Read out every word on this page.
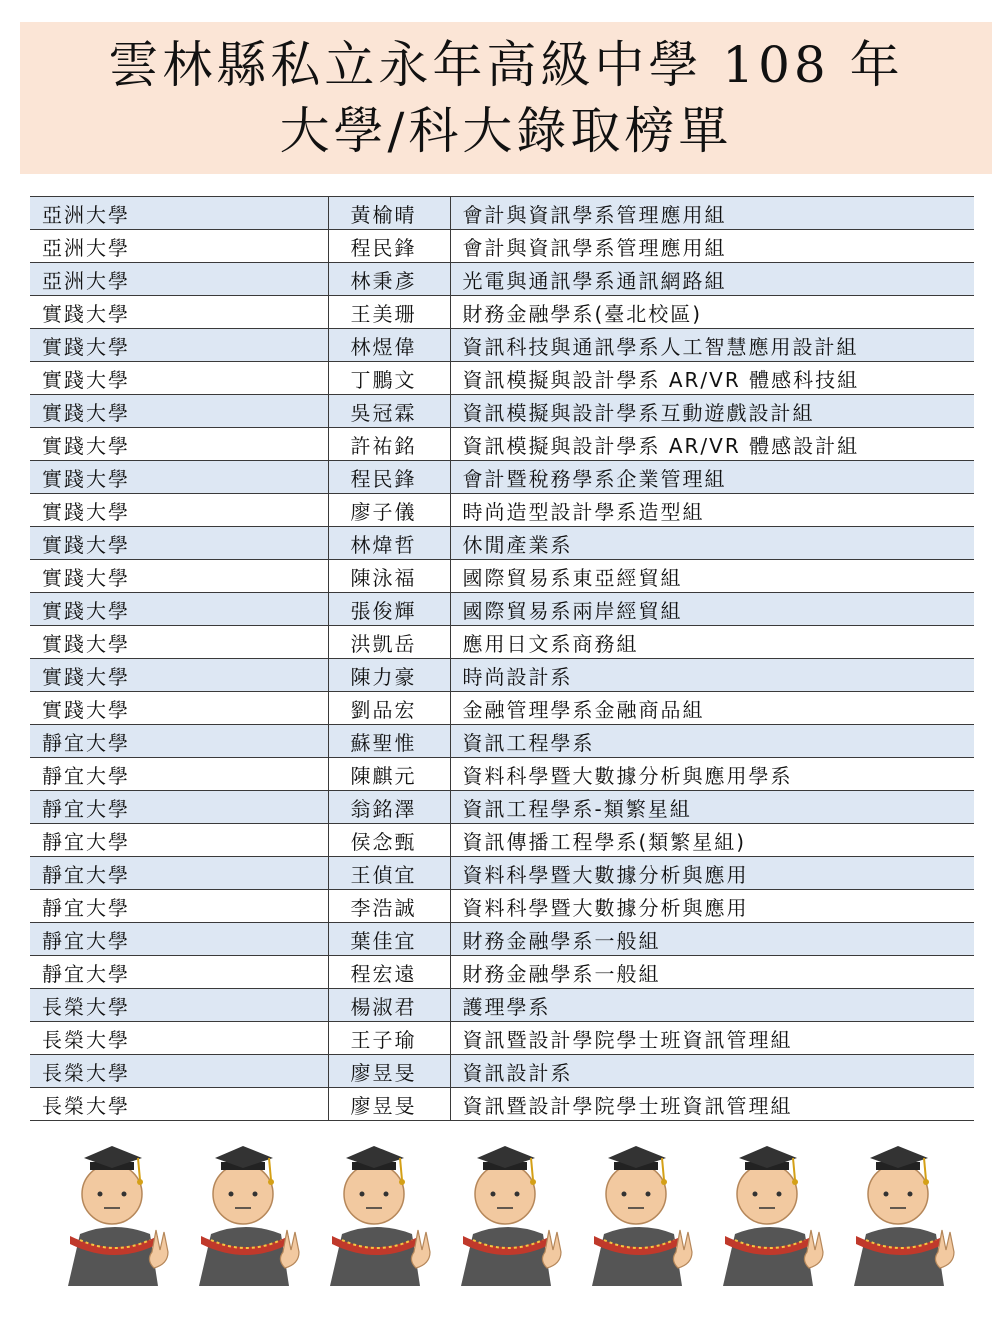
雲林縣私立永年高級中學 108 年
大學/科大錄取榜單
亞洲大學	黃榆晴	會計與資訊學系管理應用組
亞洲大學	程民鋒	會計與資訊學系管理應用組
亞洲大學	林秉彥	光電與通訊學系通訊網路組
實踐大學	王美珊	財務金融學系(臺北校區)
實踐大學	林煜偉	資訊科技與通訊學系人工智慧應用設計組
實踐大學	丁鵬文	資訊模擬與設計學系 AR/VR 體感科技組
實踐大學	吳冠霖	資訊模擬與設計學系互動遊戲設計組
實踐大學	許祐銘	資訊模擬與設計學系 AR/VR 體感設計組
實踐大學	程民鋒	會計暨稅務學系企業管理組
實踐大學	廖子儀	時尚造型設計學系造型組
實踐大學	林煒哲	休閒產業系
實踐大學	陳泳福	國際貿易系東亞經貿組
實踐大學	張俊輝	國際貿易系兩岸經貿組
實踐大學	洪凱岳	應用日文系商務組
實踐大學	陳力豪	時尚設計系
實踐大學	劉品宏	金融管理學系金融商品組
靜宜大學	蘇聖惟	資訊工程學系
靜宜大學	陳麒元	資料科學暨大數據分析與應用學系
靜宜大學	翁銘澤	資訊工程學系-類繁星組
靜宜大學	侯念甄	資訊傳播工程學系(類繁星組)
靜宜大學	王偵宜	資料科學暨大數據分析與應用
靜宜大學	李浩誠	資料科學暨大數據分析與應用
靜宜大學	葉佳宜	財務金融學系一般組
靜宜大學	程宏遠	財務金融學系一般組
長榮大學	楊淑君	護理學系
長榮大學	王子瑜	資訊暨設計學院學士班資訊管理組
長榮大學	廖昱旻	資訊設計系
長榮大學	廖昱旻	資訊暨設計學院學士班資訊管理組
